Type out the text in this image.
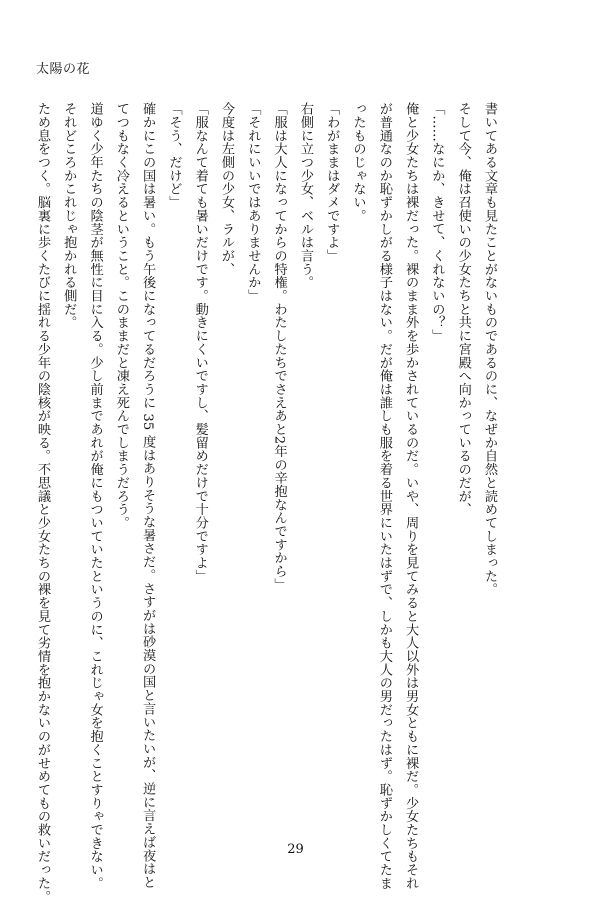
太陽の花
書いてある文章も見たことがないものであるのに、なぜか自然と読めてしまった。
そして今、俺は召使いの少女たちと共に宮殿へ向かっているのだが、
「……なにか、きせて、くれないの？」
俺と少女たちは裸だった。裸のまま外を歩かされているのだ。いや、周りを見てみると大人以外は男女ともに裸だ。少女たちもそれ
が普通なのか恥ずかしがる様子はない。だが俺は誰しも服を着る世界にいたはずで、しかも大人の男だったはず。恥ずかしくてたま
ったものじゃない。
「わがままはダメですよ」
右側に立つ少女、ベルは言う。
「服は大人になってからの特権。わたしたちでさえあと2年の辛抱なんですから」
「それにいいではありませんか」
今度は左側の少女、ラルが、
「服なんて着ても暑いだけです。動きにくいですし、髪留めだけで十分ですよ」
「そう、だけど」
確かにこの国は暑い。もう午後になってるだろうに 35 度はありそうな暑さだ。さすがは砂漠の国と言いたいが、逆に言えば夜はと
てつもなく冷えるということ。このままだと凍え死んでしまうだろう。
道ゆく少年たちの陰茎が無性に目に入る。少し前まであれが俺にもついていたというのに、これじゃ女を抱くことすりゃできない。
それどころかこれじゃ抱かれる側だ。
ため息をつく。脳裏に歩くたびに揺れる少年の陰核が映る。不思議と少女たちの裸を見て劣情を抱かないのがせめてもの救いだった。	29
